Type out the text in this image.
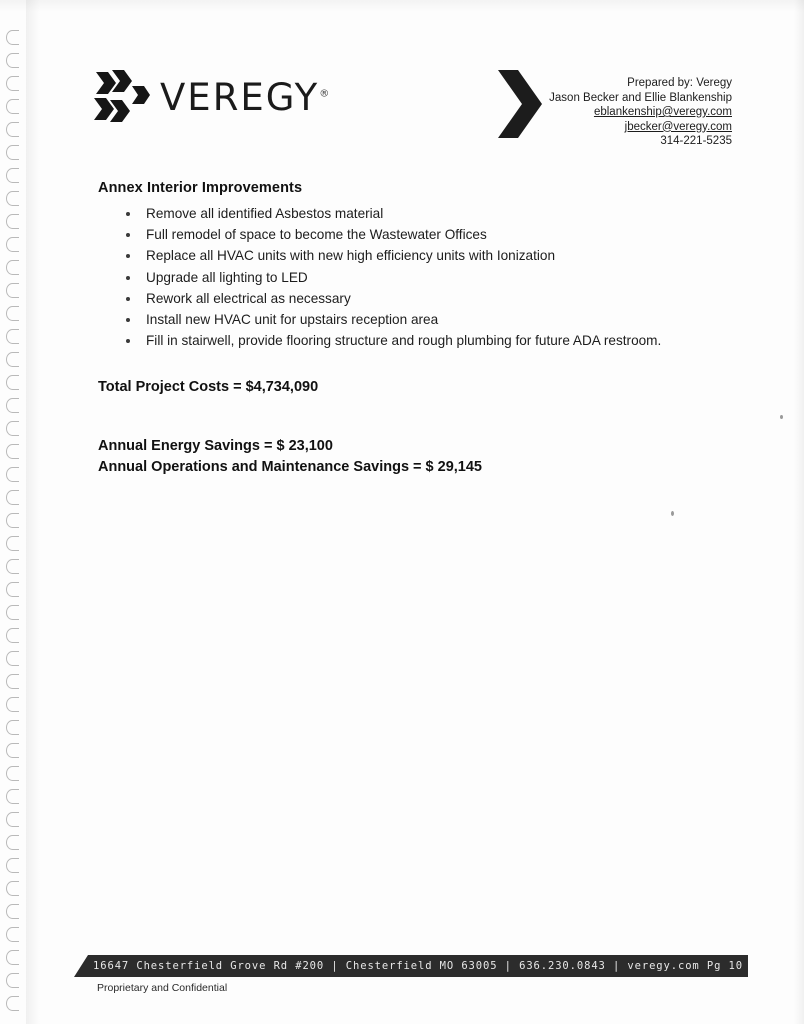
VEREGY®
Prepared by: Veregy
Jason Becker and Ellie Blankenship
eblankenship@veregy.com
jbecker@veregy.com
314-221-5235
Annex Interior Improvements
Remove all identified Asbestos material
Full remodel of space to become the Wastewater Offices
Replace all HVAC units with new high efficiency units with Ionization
Upgrade all lighting to LED
Rework all electrical as necessary
Install new HVAC unit for upstairs reception area
Fill in stairwell, provide flooring structure and rough plumbing for future ADA restroom.
Total Project Costs = $4,734,090
Annual Energy Savings = $ 23,100
Annual Operations and Maintenance Savings = $ 29,145
16647 Chesterfield Grove Rd #200 | Chesterfield MO 63005 | 636.230.0843 | veregy.com Pg 10
Proprietary and Confidential
